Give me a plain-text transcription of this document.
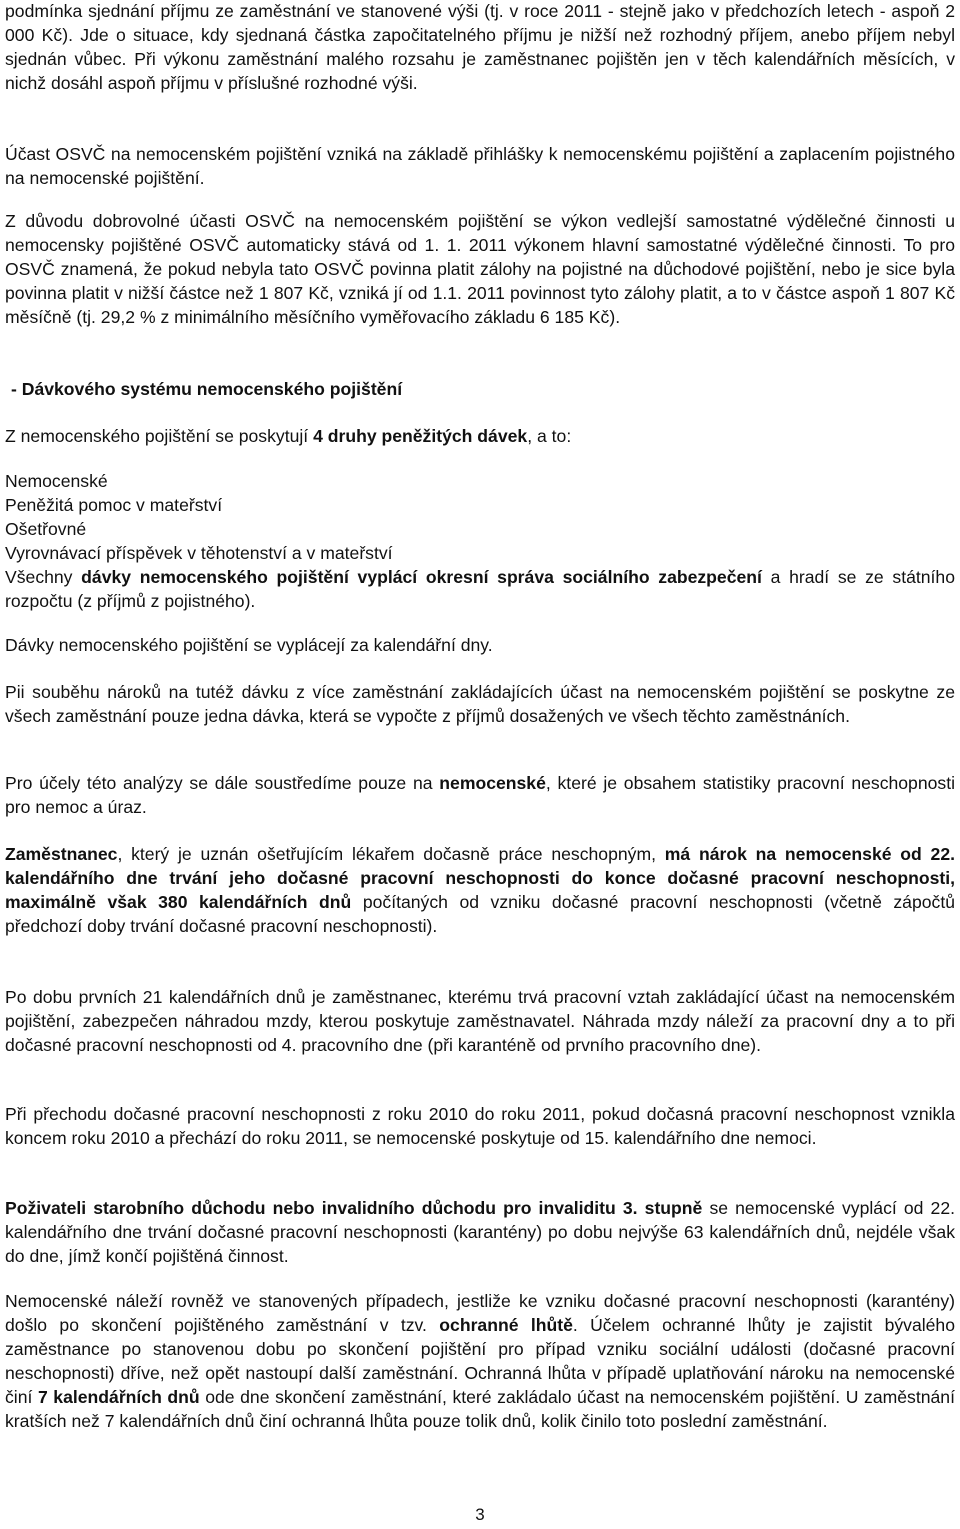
podmínka sjednání příjmu ze zaměstnání ve stanovené výši (tj. v roce 2011 - stejně jako v předchozích letech - aspoň 2 000 Kč). Jde o situace, kdy sjednaná částka započitatelného příjmu je nižší než rozhodný příjem, anebo příjem nebyl sjednán vůbec. Při výkonu zaměstnání malého rozsahu je zaměstnanec pojištěn jen v těch kalendářních měsících, v nichž dosáhl aspoň příjmu v příslušné rozhodné výši.

Účast OSVČ na nemocenském pojištění vzniká na základě přihlášky k nemocenskému pojištění a zaplacením pojistného na nemocenské pojištění.

Z důvodu dobrovolné účasti OSVČ na nemocenském pojištění se výkon vedlejší samostatné výdělečné činnosti u nemocensky pojištěné OSVČ automaticky stává od 1. 1. 2011 výkonem hlavní samostatné výdělečné činnosti. To pro OSVČ znamená, že pokud nebyla tato OSVČ povinna platit zálohy na pojistné na důchodové pojištění, nebo je sice byla povinna platit v nižší částce než 1 807 Kč, vzniká jí od 1.1. 2011 povinnost tyto zálohy platit, a to v částce aspoň 1 807 Kč měsíčně (tj. 29,2 % z minimálního měsíčního vyměřovacího základu 6 185 Kč).

- Dávkového systému nemocenského pojištění

Z nemocenského pojištění se poskytují 4 druhy peněžitých dávek, a to:

Nemocenské
Peněžitá pomoc v mateřství
Ošetřovné
Vyrovnávací příspěvek v těhotenství a v mateřství

Všechny dávky nemocenského pojištění vyplácí okresní správa sociálního zabezpečení a hradí se ze státního rozpočtu (z příjmů z pojistného).

Dávky nemocenského pojištění se vyplácejí za kalendářní dny.

Pii souběhu nároků na tutéž dávku z více zaměstnání zakládajících účast na nemocenském pojištění se poskytne ze všech zaměstnání pouze jedna dávka, která se vypočte z příjmů dosažených ve všech těchto zaměstnáních.

Pro účely této analýzy se dále soustředíme pouze na nemocenské, které je obsahem statistiky pracovní neschopnosti pro nemoc a úraz.

Zaměstnanec, který je uznán ošetřujícím lékařem dočasně práce neschopným, má nárok na nemocenské od 22. kalendářního dne trvání jeho dočasné pracovní neschopnosti do konce dočasné pracovní neschopnosti, maximálně však 380 kalendářních dnů počítaných od vzniku dočasné pracovní neschopnosti (včetně zápočtů předchozí doby trvání dočasné pracovní neschopnosti).

Po dobu prvních 21 kalendářních dnů je zaměstnanec, kterému trvá pracovní vztah zakládající účast na nemocenském pojištění, zabezpečen náhradou mzdy, kterou poskytuje zaměstnavatel. Náhrada mzdy náleží za pracovní dny a to při dočasné pracovní neschopnosti od 4. pracovního dne (při karanténě od prvního pracovního dne).

Při přechodu dočasné pracovní neschopnosti z roku 2010 do roku 2011, pokud dočasná pracovní neschopnost vznikla koncem roku 2010 a přechází do roku 2011, se nemocenské poskytuje od 15. kalendářního dne nemoci.

Poživateli starobního důchodu nebo invalidního důchodu pro invaliditu 3. stupně se nemocenské vyplácí od 22. kalendářního dne trvání dočasné pracovní neschopnosti (karantény) po dobu nejvýše 63 kalendářních dnů, nejdéle však do dne, jímž končí pojištěná činnost.

Nemocenské náleží rovněž ve stanovených případech, jestliže ke vzniku dočasné pracovní neschopnosti (karantény) došlo po skončení pojištěného zaměstnání v tzv. ochranné lhůtě. Účelem ochranné lhůty je zajistit bývalého zaměstnance po stanovenou dobu po skončení pojištění pro případ vzniku sociální události (dočasné pracovní neschopnosti) dříve, než opět nastoupí další zaměstnání. Ochranná lhůta v případě uplatňování nároku na nemocenské činí 7 kalendářních dnů ode dne skončení zaměstnání, které zakládalo účast na nemocenském pojištění. U zaměstnání kratších než 7 kalendářních dnů činí ochranná lhůta pouze tolik dnů, kolik činilo toto poslední zaměstnání.

3
